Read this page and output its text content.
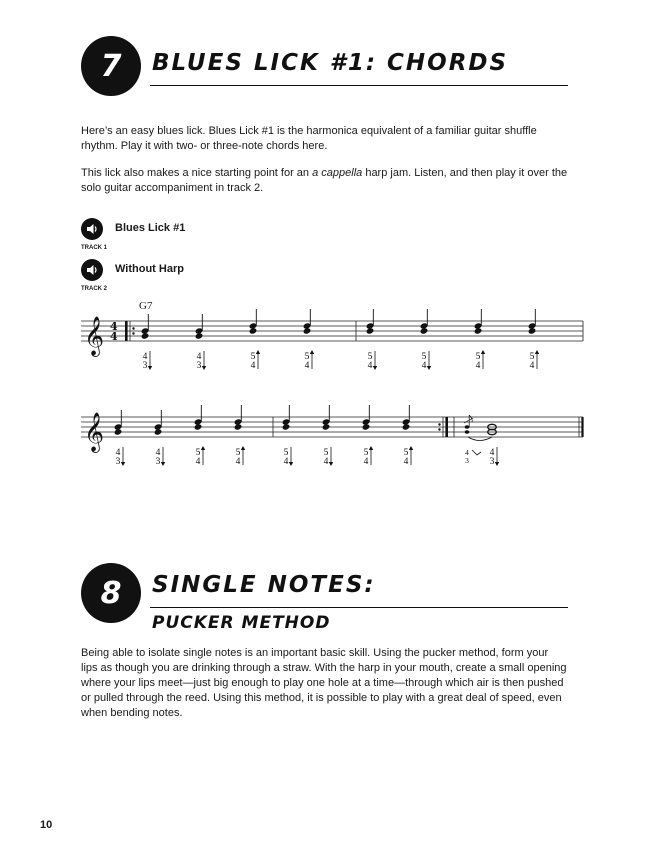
7 BLUES LICK #1: CHORDS

Here’s an easy blues lick. Blues Lick #1 is the harmonica equivalent of a familiar guitar shuffle

rhythm. Play it with two- or three-note chords here.

This lick also makes a nice starting point for an a cappella harp jam. Listen, and then play it over the

solo guitar accompaniment in track 2.

Blues Lick #1
TRACK 1
Without Harp
TRACK 2
G7
𝄞 4
4
4
3
4
3
5
4
5
4
5
4
5
4
5
4
5
4
𝄞
4
3
4
3
5
4
5
4
5
4
5
4
5
4
5
4
4
3
4
3
8 SINGLE NOTES:
PUCKER METHOD

Being able to isolate single notes is an important basic skill. Using the pucker method, form your

lips as though you are drinking through a straw. With the harp in your mouth, create a small opening

where your lips meet—just big enough to play one hole at a time—through which air is then pushed

or pulled through the reed. Using this method, it is possible to play with a great deal of speed, even

when bending notes.

10
